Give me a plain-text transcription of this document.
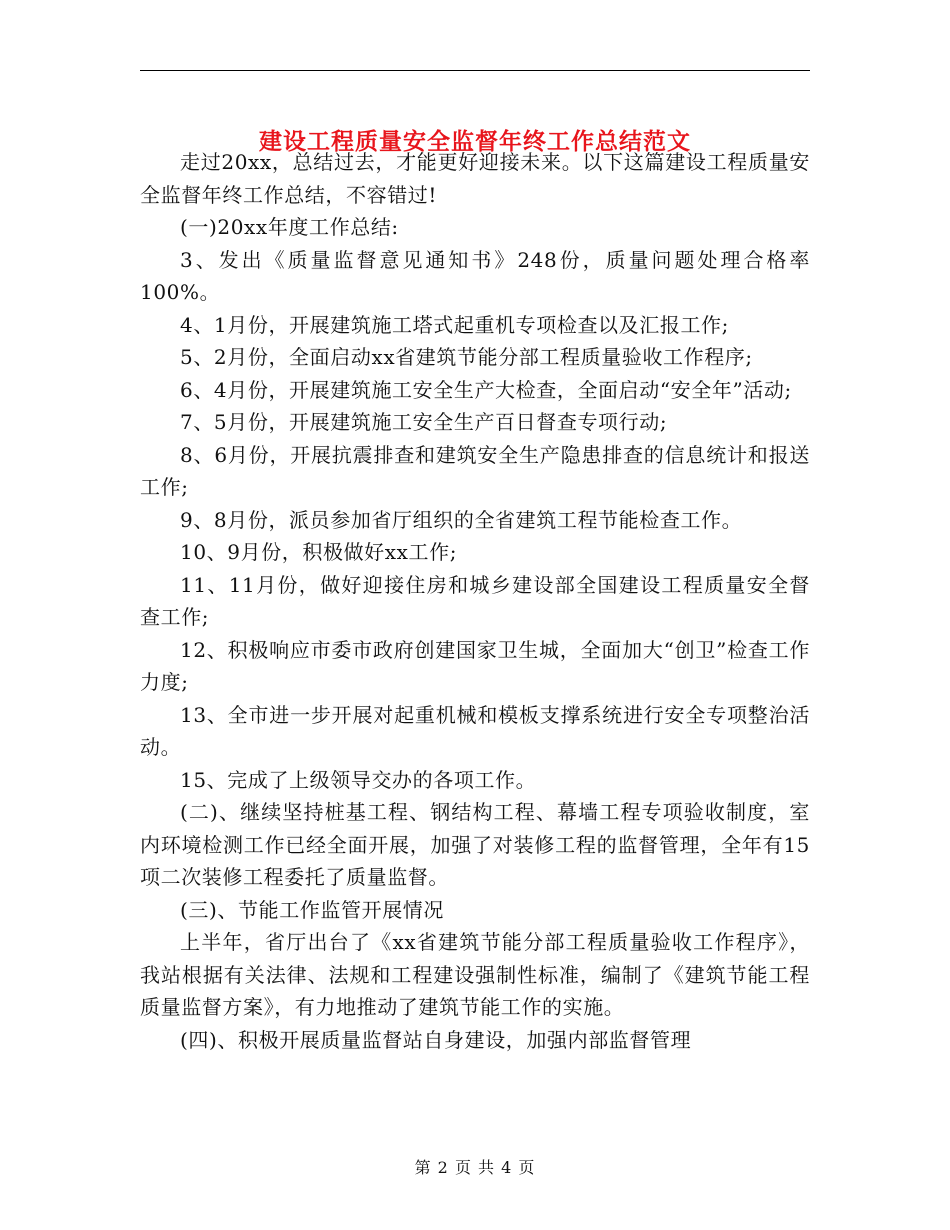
建设工程质量安全监督年终工作总结范文

走过20xx，总结过去，才能更好迎接未来。以下这篇建设工程质量安全监督年终工作总结，不容错过!

(一)20xx年度工作总结:

3、发出《质量监督意见通知书》248份，质量问题处理合格率100%。

4、1月份，开展建筑施工塔式起重机专项检查以及汇报工作;

5、2月份，全面启动xx省建筑节能分部工程质量验收工作程序;

6、4月份，开展建筑施工安全生产大检查，全面启动“安全年”活动;

7、5月份，开展建筑施工安全生产百日督查专项行动;

8、6月份，开展抗震排查和建筑安全生产隐患排查的信息统计和报送工作;

9、8月份，派员参加省厅组织的全省建筑工程节能检查工作。

10、9月份，积极做好xx工作;

11、11月份，做好迎接住房和城乡建设部全国建设工程质量安全督查工作;

12、积极响应市委市政府创建国家卫生城，全面加大“创卫”检查工作力度;

13、全市进一步开展对起重机械和模板支撑系统进行安全专项整治活动。

15、完成了上级领导交办的各项工作。

(二)、继续坚持桩基工程、钢结构工程、幕墙工程专项验收制度，室内环境检测工作已经全面开展，加强了对装修工程的监督管理，全年有15项二次装修工程委托了质量监督。

(三)、节能工作监管开展情况

上半年，省厅出台了《xx省建筑节能分部工程质量验收工作程序》，我站根据有关法律、法规和工程建设强制性标准，编制了《建筑节能工程质量监督方案》，有力地推动了建筑节能工作的实施。

(四)、积极开展质量监督站自身建设，加强内部监督管理

第 2 页 共 4 页
